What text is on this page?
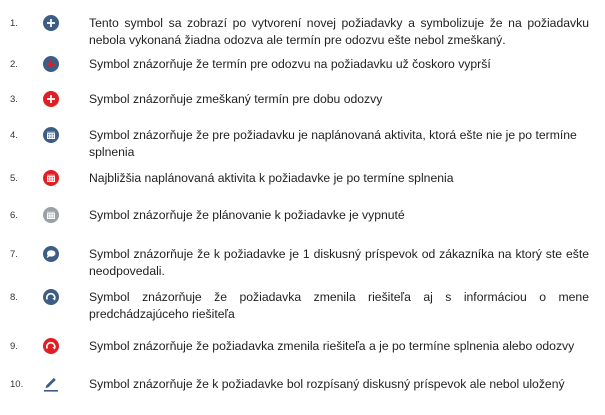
1.	Tento symbol sa zobrazí po vytvorení novej požiadavky a symbolizuje že na požiadavku nebola vykonaná žiadna odozva ale termín pre odozvu ešte nebol zmeškaný.
2.	Symbol znázorňuje že termín pre odozvu na požiadavku už čoskoro vyprší
3.	Symbol znázorňuje zmeškaný termín pre dobu odozvy
4.	Symbol znázorňuje že pre požiadavku je naplánovaná aktivita, ktorá ešte nie je po termíne splnenia
5.	Najbližšia naplánovaná aktivita k požiadavke je po termíne splnenia
6.	Symbol znázorňuje že plánovanie k požiadavke je vypnuté
7.	Symbol znázorňuje že k požiadavke je 1 diskusný príspevok od zákazníka na ktorý ste ešte neodpovedali.
8.	Symbol znázorňuje že požiadavka zmenila riešiteľa aj s informáciou o mene predchádzajúceho riešiteľa
9.	Symbol znázorňuje že požiadavka zmenila riešiteľa a je po termíne splnenia alebo odozvy
10.	Symbol znázorňuje že k požiadavke bol rozpísaný diskusný príspevok ale nebol uložený
